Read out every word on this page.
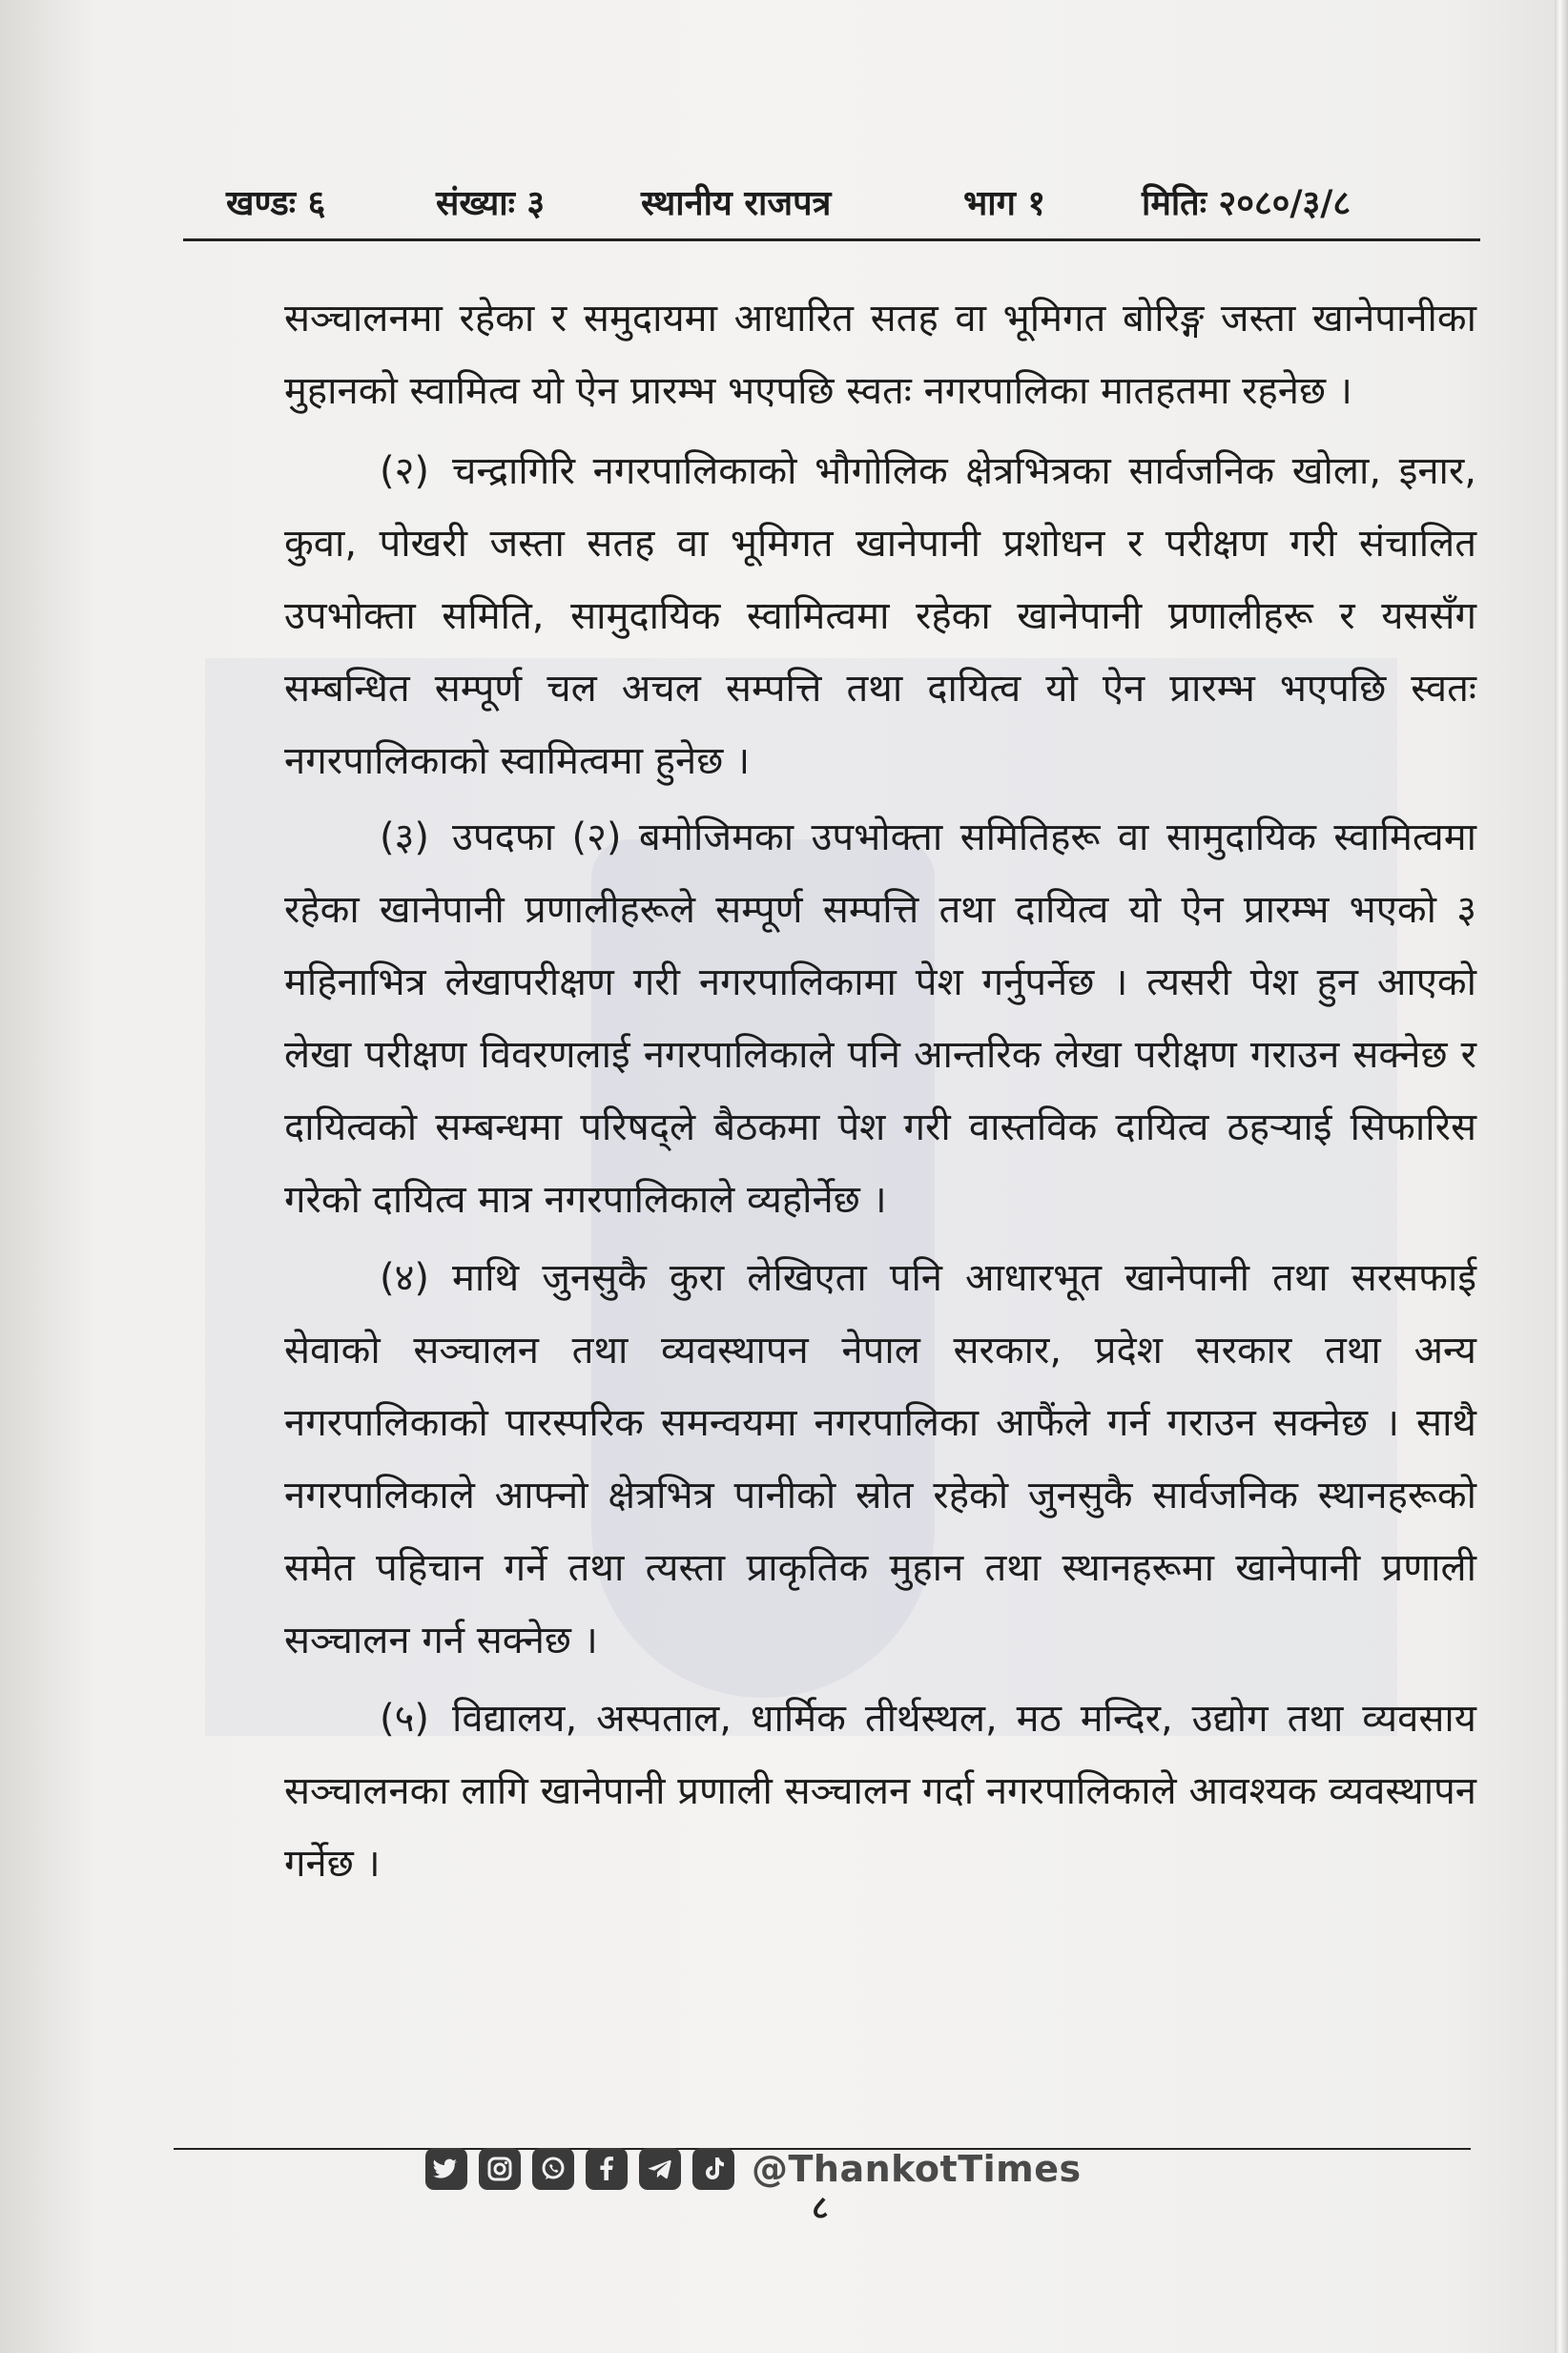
खण्डः ६	संख्याः ३	स्थानीय राजपत्र	भाग १	मितिः २०८०/३/८

सञ्चालनमा रहेका र समुदायमा आधारित सतह वा भूमिगत बोरिङ्ग जस्ता खानेपानीका मुहानको स्वामित्व यो ऐन प्रारम्भ भएपछि स्वतः नगरपालिका मातहतमा रहनेछ ।

(२) चन्द्रागिरि नगरपालिकाको भौगोलिक क्षेत्रभित्रका सार्वजनिक खोला, इनार, कुवा, पोखरी जस्ता सतह वा भूमिगत खानेपानी प्रशोधन र परीक्षण गरी संचालित उपभोक्ता समिति, सामुदायिक स्वामित्वमा रहेका खानेपानी प्रणालीहरू र यससँग सम्बन्धित सम्पूर्ण चल अचल सम्पत्ति तथा दायित्व यो ऐन प्रारम्भ भएपछि स्वतः नगरपालिकाको स्वामित्वमा हुनेछ ।

(३) उपदफा (२) बमोजिमका उपभोक्ता समितिहरू वा सामुदायिक स्वामित्वमा रहेका खानेपानी प्रणालीहरूले सम्पूर्ण सम्पत्ति तथा दायित्व यो ऐन प्रारम्भ भएको ३ महिनाभित्र लेखापरीक्षण गरी नगरपालिकामा पेश गर्नुपर्नेछ । त्यसरी पेश हुन आएको लेखा परीक्षण विवरणलाई नगरपालिकाले पनि आन्तरिक लेखा परीक्षण गराउन सक्नेछ र दायित्वको सम्बन्धमा परिषद्ले बैठकमा पेश गरी वास्तविक दायित्व ठहऱ्याई सिफारिस गरेको दायित्व मात्र नगरपालिकाले व्यहोर्नेछ ।

(४) माथि जुनसुकै कुरा लेखिएता पनि आधारभूत खानेपानी तथा सरसफाई सेवाको सञ्चालन तथा व्यवस्थापन नेपाल सरकार, प्रदेश सरकार तथा अन्य नगरपालिकाको पारस्परिक समन्वयमा नगरपालिका आफैंले गर्न गराउन सक्नेछ । साथै नगरपालिकाले आफ्नो क्षेत्रभित्र पानीको स्रोत रहेको जुनसुकै सार्वजनिक स्थानहरूको समेत पहिचान गर्ने तथा त्यस्ता प्राकृतिक मुहान तथा स्थानहरूमा खानेपानी प्रणाली सञ्चालन गर्न सक्नेछ ।

(५) विद्यालय, अस्पताल, धार्मिक तीर्थस्थल, मठ मन्दिर, उद्योग तथा व्यवसाय सञ्चालनका लागि खानेपानी प्रणाली सञ्चालन गर्दा नगरपालिकाले आवश्यक व्यवस्थापन गर्नेछ ।

@ThankotTimes
८
